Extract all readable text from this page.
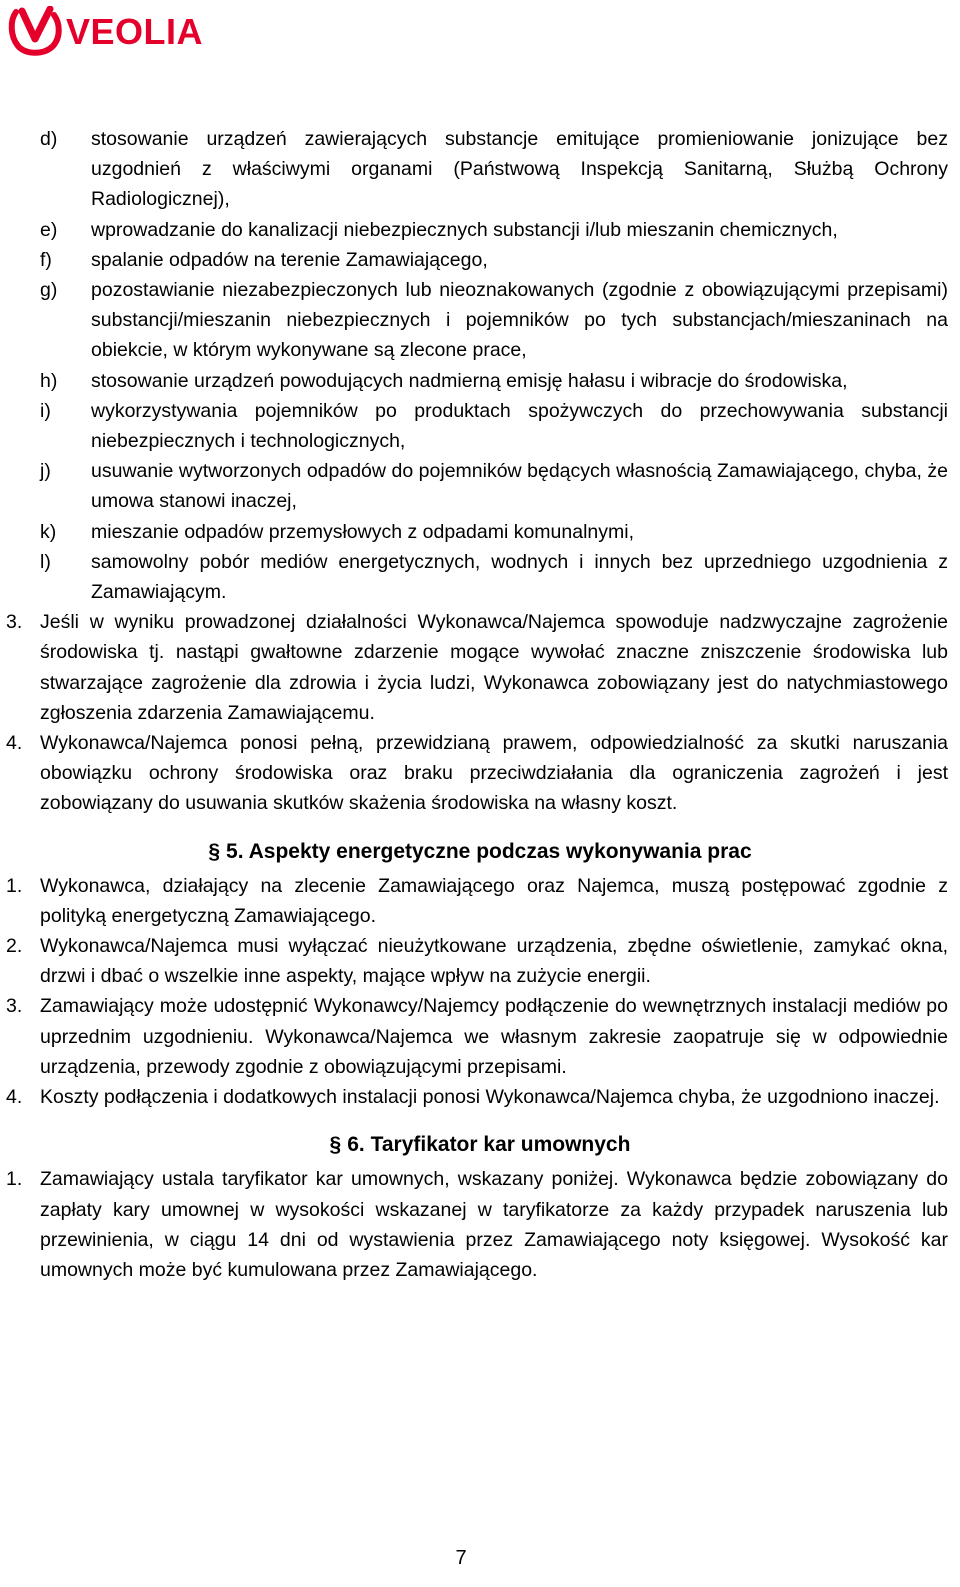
VEOLIA
d) stosowanie urządzeń zawierających substancje emitujące promieniowanie jonizujące bez uzgodnień z właściwymi organami (Państwową Inspekcją Sanitarną, Służbą Ochrony Radiologicznej),
e) wprowadzanie do kanalizacji niebezpiecznych substancji i/lub mieszanin chemicznych,
f) spalanie odpadów na terenie Zamawiającego,
g) pozostawianie niezabezpieczonych lub nieoznakowanych (zgodnie z obowiązującymi przepisami) substancji/mieszanin niebezpiecznych i pojemników po tych substancjach/mieszaninach na obiekcie, w którym wykonywane są zlecone prace,
h) stosowanie urządzeń powodujących nadmierną emisję hałasu i wibracje do środowiska,
i) wykorzystywania pojemników po produktach spożywczych do przechowywania substancji niebezpiecznych i technologicznych,
j) usuwanie wytworzonych odpadów do pojemników będących własnością Zamawiającego, chyba, że umowa stanowi inaczej,
k) mieszanie odpadów przemysłowych z odpadami komunalnymi,
l) samowolny pobór mediów energetycznych, wodnych i innych bez uprzedniego uzgodnienia z Zamawiającym.
3. Jeśli w wyniku prowadzonej działalności Wykonawca/Najemca spowoduje nadzwyczajne zagrożenie środowiska tj. nastąpi gwałtowne zdarzenie mogące wywołać znaczne zniszczenie środowiska lub stwarzające zagrożenie dla zdrowia i życia ludzi, Wykonawca zobowiązany jest do natychmiastowego zgłoszenia zdarzenia Zamawiającemu.
4. Wykonawca/Najemca ponosi pełną, przewidzianą prawem, odpowiedzialność za skutki naruszania obowiązku ochrony środowiska oraz braku przeciwdziałania dla ograniczenia zagrożeń i jest zobowiązany do usuwania skutków skażenia środowiska na własny koszt.
§ 5. Aspekty energetyczne podczas wykonywania prac
1. Wykonawca, działający na zlecenie Zamawiającego oraz Najemca, muszą postępować zgodnie z polityką energetyczną Zamawiającego.
2. Wykonawca/Najemca musi wyłączać nieużytkowane urządzenia, zbędne oświetlenie, zamykać okna, drzwi i dbać o wszelkie inne aspekty, mające wpływ na zużycie energii.
3. Zamawiający może udostępnić Wykonawcy/Najemcy podłączenie do wewnętrznych instalacji mediów po uprzednim uzgodnieniu. Wykonawca/Najemca we własnym zakresie zaopatruje się w odpowiednie urządzenia, przewody zgodnie z obowiązującymi przepisami.
4. Koszty podłączenia i dodatkowych instalacji ponosi Wykonawca/Najemca chyba, że uzgodniono inaczej.
§ 6. Taryfikator kar umownych
1. Zamawiający ustala taryfikator kar umownych, wskazany poniżej. Wykonawca będzie zobowiązany do zapłaty kary umownej w wysokości wskazanej w taryfikatorze za każdy przypadek naruszenia lub przewinienia, w ciągu 14 dni od wystawienia przez Zamawiającego noty księgowej. Wysokość kar umownych może być kumulowana przez Zamawiającego.
7
